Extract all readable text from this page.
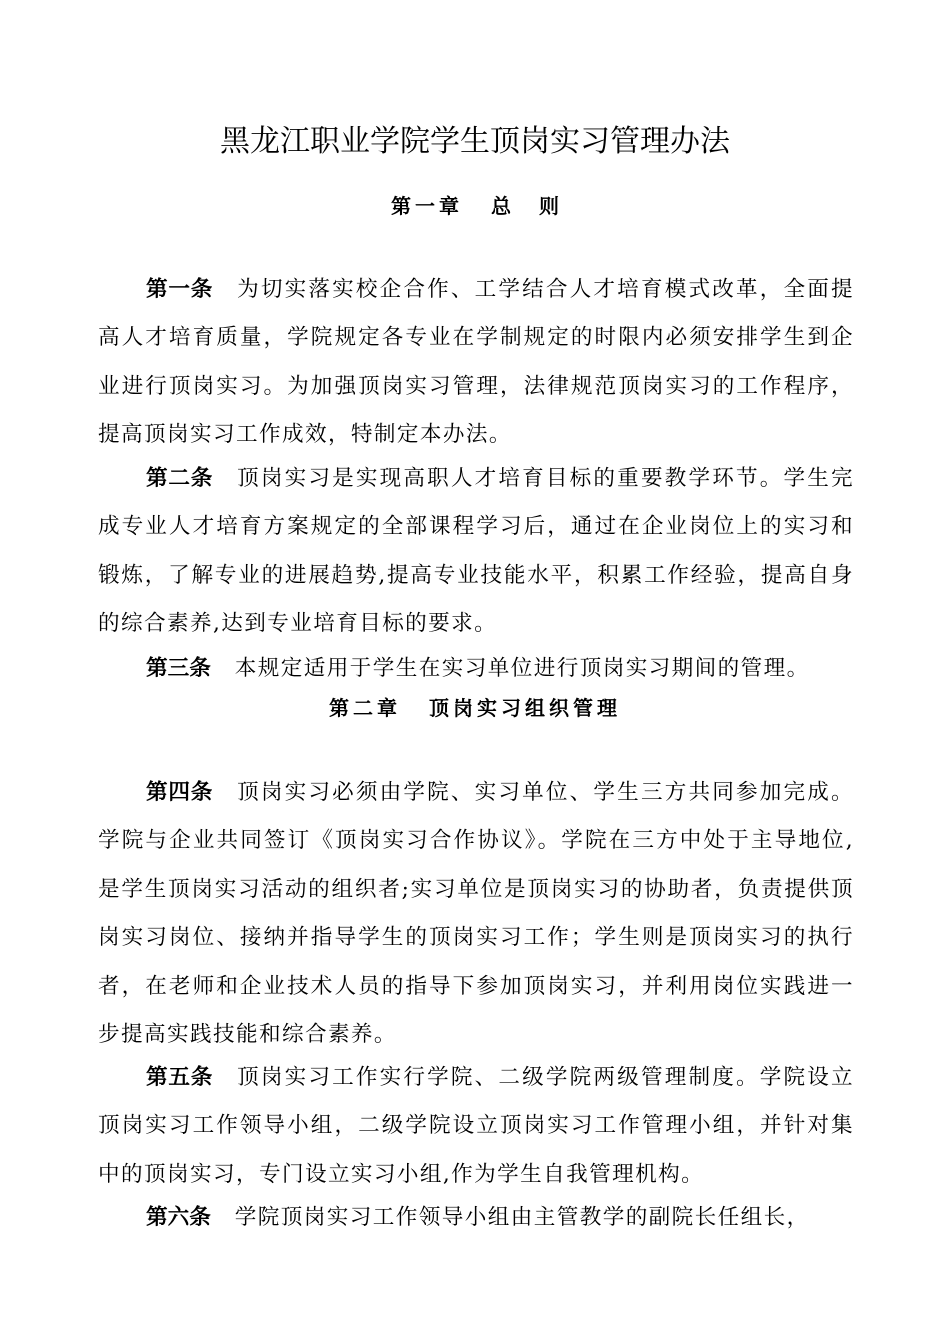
黑龙江职业学院学生顶岗实习管理办法
第一章 总则

第一条 为切实落实校企合作、工学结合人才培育模式改革，全面提高人才培育质量，学院规定各专业在学制规定的时限内必须安排学生到企业进行顶岗实习。为加强顶岗实习管理，法律规范顶岗实习的工作程序，提高顶岗实习工作成效，特制定本办法。

第二条 顶岗实习是实现高职人才培育目标的重要教学环节。学生完成专业人才培育方案规定的全部课程学习后，通过在企业岗位上的实习和锻炼，了解专业的进展趋势,提高专业技能水平，积累工作经验，提高自身的综合素养,达到专业培育目标的要求。

第三条 本规定适用于学生在实习单位进行顶岗实习期间的管理。

第二章 顶岗实习组织管理

第四条 顶岗实习必须由学院、实习单位、学生三方共同参加完成。学院与企业共同签订《顶岗实习合作协议》。学院在三方中处于主导地位,是学生顶岗实习活动的组织者;实习单位是顶岗实习的协助者，负责提供顶岗实习岗位、接纳并指导学生的顶岗实习工作；学生则是顶岗实习的执行者，在老师和企业技术人员的指导下参加顶岗实习，并利用岗位实践进一步提高实践技能和综合素养。

第五条 顶岗实习工作实行学院、二级学院两级管理制度。学院设立顶岗实习工作领导小组，二级学院设立顶岗实习工作管理小组，并针对集中的顶岗实习，专门设立实习小组,作为学生自我管理机构。

第六条 学院顶岗实习工作领导小组由主管教学的副院长任组长，
